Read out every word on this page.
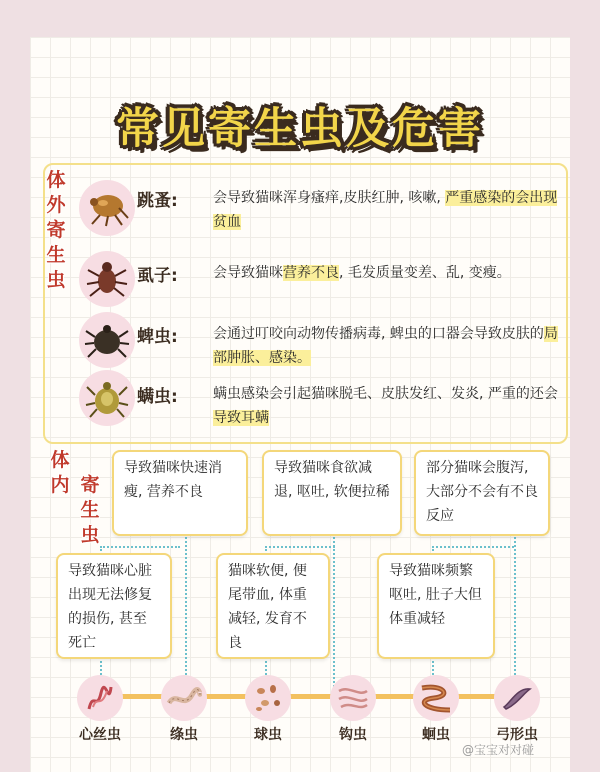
常见寄生虫及危害
体
外
寄
生
虫
跳蚤:	会导致猫咪浑身瘙痒,皮肤红肿, 咳嗽, 严重感染的会出现贫血
虱子:	会导致猫咪营养不良, 毛发质量变差、乱, 变瘦。
蜱虫:	会通过叮咬向动物传播病毒, 蜱虫的口器会导致皮肤的局部肿胀、感染。
螨虫:	螨虫感染会引起猫咪脱毛、皮肤发红、发炎, 严重的还会导致耳螨
体
内 寄
生
虫
导致猫咪快速消瘦, 营养不良
导致猫咪食欲减退, 呕吐, 软便拉稀
部分猫咪会腹泻, 大部分不会有不良反应
导致猫咪心脏出现无法修复的损伤, 甚至死亡
猫咪软便, 便尾带血, 体重减轻, 发育不良
导致猫咪频繁呕吐, 肚子大但体重减轻
心丝虫	绦虫	球虫	钩虫	蛔虫	弓形虫
@宝宝对对碰
